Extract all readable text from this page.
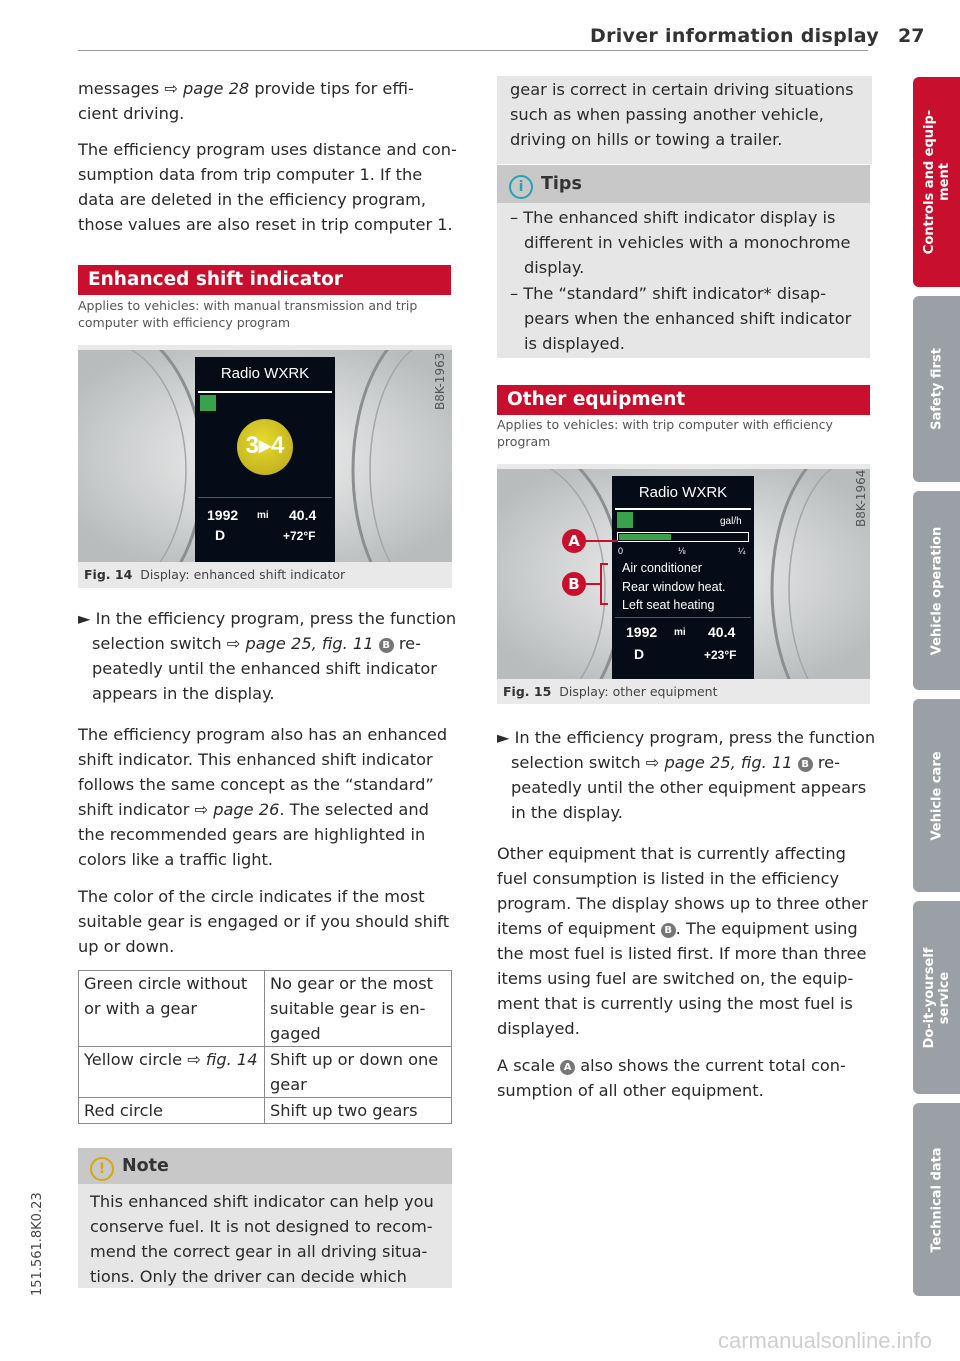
Driver information display 27

messages ⇨ page 28 provide tips for effi-
cient driving.

The efficiency program uses distance and con-
sumption data from trip computer 1. If the
data are deleted in the efficiency program,
those values are also reset in trip computer 1.

Enhanced shift indicator
Applies to vehicles: with manual transmission and trip
computer with efficiency program
B8K-1963
Radio WXRK
3▸4
1992 mi 40.4
D	+72°F
Fig. 14 Display: enhanced shift indicator

► In the efficiency program, press the function
selection switch ⇨ page 25, fig. 11 B re-
peatedly until the enhanced shift indicator
appears in the display.

The efficiency program also has an enhanced
shift indicator. This enhanced shift indicator
follows the same concept as the “standard”
shift indicator ⇨ page 26. The selected and
the recommended gears are highlighted in
colors like a traffic light.

The color of the circle indicates if the most
suitable gear is engaged or if you should shift
up or down.

Green circle without
or with a gear	No gear or the most
suitable gear is en-
gaged
Yellow circle ⇨ fig. 14	Shift up or down one
gear
Red circle	Shift up two gears
! Note

This enhanced shift indicator can help you
conserve fuel. It is not designed to recom-
mend the correct gear in all driving situa-
tions. Only the driver can decide which

gear is correct in certain driving situations
such as when passing another vehicle,
driving on hills or towing a trailer.

i Tips

– The enhanced shift indicator display is
different in vehicles with a monochrome
display.

– The “standard” shift indicator* disap-
pears when the enhanced shift indicator
is displayed.

Other equipment
Applies to vehicles: with trip computer with efficiency
program
B8K-1964
Radio WXRK
gal/h
0	⅛	¼
Air conditioner
Rear window heat.
Left seat heating
1992 mi 40.4
D	+23°F
A
B
Fig. 15 Display: other equipment

► In the efficiency program, press the function
selection switch ⇨ page 25, fig. 11 B re-
peatedly until the other equipment appears
in the display.

Other equipment that is currently affecting
fuel consumption is listed in the efficiency
program. The display shows up to three other
items of equipment B . The equipment using
the most fuel is listed first. If more than three
items using fuel are switched on, the equip-
ment that is currently using the most fuel is
displayed.

A scale A also shows the current total con-
sumption of all other equipment.

Controls and equip-
ment
Safety first
Vehicle operation
Vehicle care
Do-it-yourself
service
Technical data
151.561.8K0.23
carmanualsonline.info
